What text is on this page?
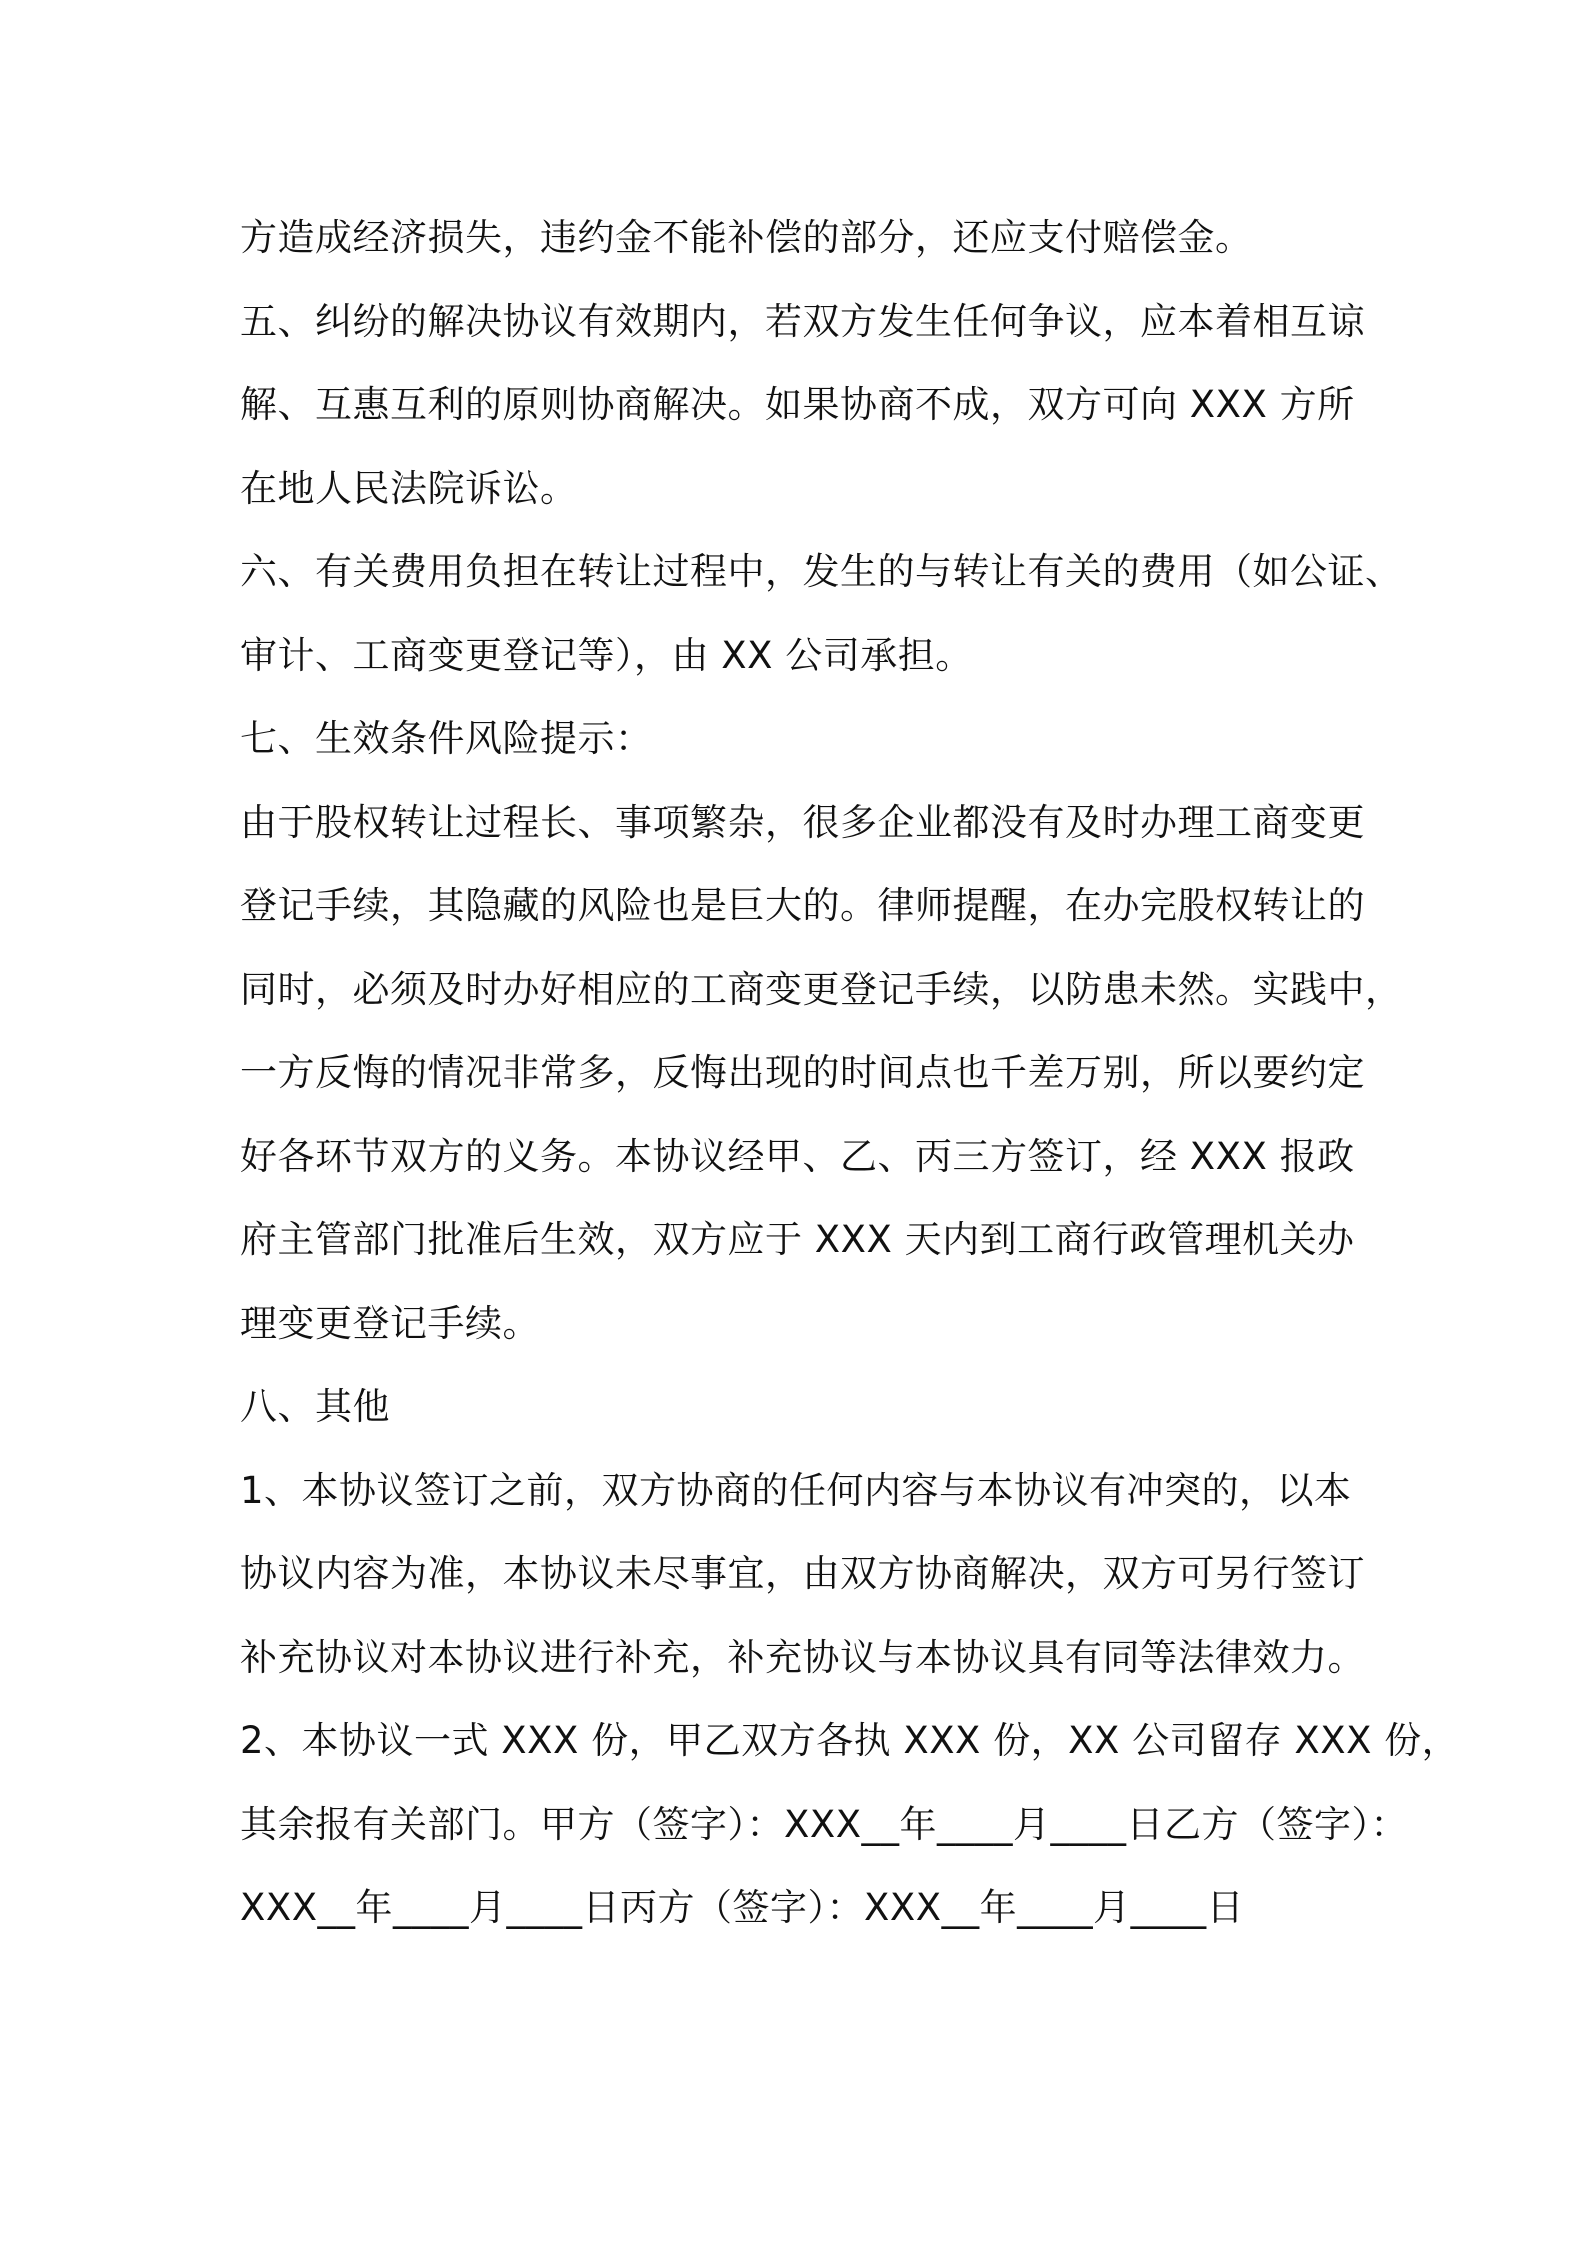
方造成经济损失，违约金不能补偿的部分，还应支付赔偿金。
五、纠纷的解决协议有效期内，若双方发生任何争议，应本着相互谅
解、互惠互利的原则协商解决。如果协商不成，双方可向 XXX 方所
在地人民法院诉讼。
六、有关费用负担在转让过程中，发生的与转让有关的费用（如公证、
审计、工商变更登记等），由 XX 公司承担。
七、生效条件风险提示：
由于股权转让过程长、事项繁杂，很多企业都没有及时办理工商变更
登记手续，其隐藏的风险也是巨大的。律师提醒，在办完股权转让的
同时，必须及时办好相应的工商变更登记手续，以防患未然。实践中，
一方反悔的情况非常多，反悔出现的时间点也千差万别，所以要约定
好各环节双方的义务。本协议经甲、乙、丙三方签订，经 XXX 报政
府主管部门批准后生效，双方应于 XXX 天内到工商行政管理机关办
理变更登记手续。
八、其他
1、本协议签订之前，双方协商的任何内容与本协议有冲突的，以本
协议内容为准，本协议未尽事宜，由双方协商解决，双方可另行签订
补充协议对本协议进行补充，补充协议与本协议具有同等法律效力。
2、本协议一式 XXX 份，甲乙双方各执 XXX 份，XX 公司留存 XXX 份，
其余报有关部门。甲方（签字）：XXX__年____月____日乙方（签字）：
XXX__年____月____日丙方（签字）：XXX__年____月____日
